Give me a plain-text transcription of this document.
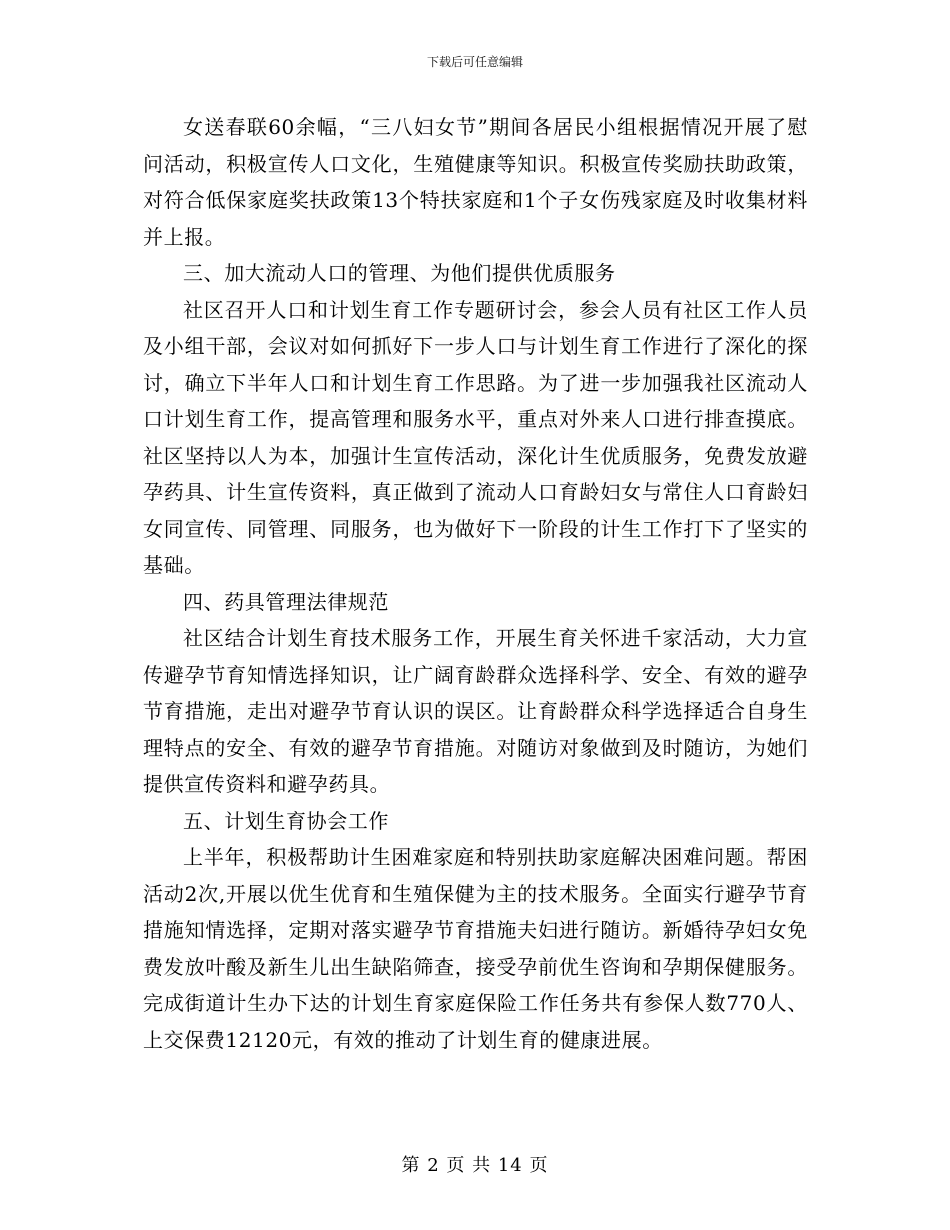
下载后可任意编辑

女送春联60余幅，“三八妇女节”期间各居民小组根据情况开展了慰问活动，积极宣传人口文化，生殖健康等知识。积极宣传奖励扶助政策，对符合低保家庭奖扶政策13个特扶家庭和1个子女伤残家庭及时收集材料并上报。

三、加大流动人口的管理、为他们提供优质服务

社区召开人口和计划生育工作专题研讨会，参会人员有社区工作人员及小组干部，会议对如何抓好下一步人口与计划生育工作进行了深化的探讨，确立下半年人口和计划生育工作思路。为了进一步加强我社区流动人口计划生育工作，提高管理和服务水平，重点对外来人口进行排查摸底。社区坚持以人为本，加强计生宣传活动，深化计生优质服务，免费发放避孕药具、计生宣传资料，真正做到了流动人口育龄妇女与常住人口育龄妇女同宣传、同管理、同服务，也为做好下一阶段的计生工作打下了坚实的基础。

四、药具管理法律规范

社区结合计划生育技术服务工作，开展生育关怀进千家活动，大力宣传避孕节育知情选择知识，让广阔育龄群众选择科学、安全、有效的避孕节育措施，走出对避孕节育认识的误区。让育龄群众科学选择适合自身生理特点的安全、有效的避孕节育措施。对随访对象做到及时随访，为她们提供宣传资料和避孕药具。

五、计划生育协会工作

上半年，积极帮助计生困难家庭和特别扶助家庭解决困难问题。帮困活动2次,开展以优生优育和生殖保健为主的技术服务。全面实行避孕节育措施知情选择，定期对落实避孕节育措施夫妇进行随访。新婚待孕妇女免费发放叶酸及新生儿出生缺陷筛查，接受孕前优生咨询和孕期保健服务。完成街道计生办下达的计划生育家庭保险工作任务共有参保人数770人、上交保费12120元，有效的推动了计划生育的健康进展。

第 2 页 共 14 页
